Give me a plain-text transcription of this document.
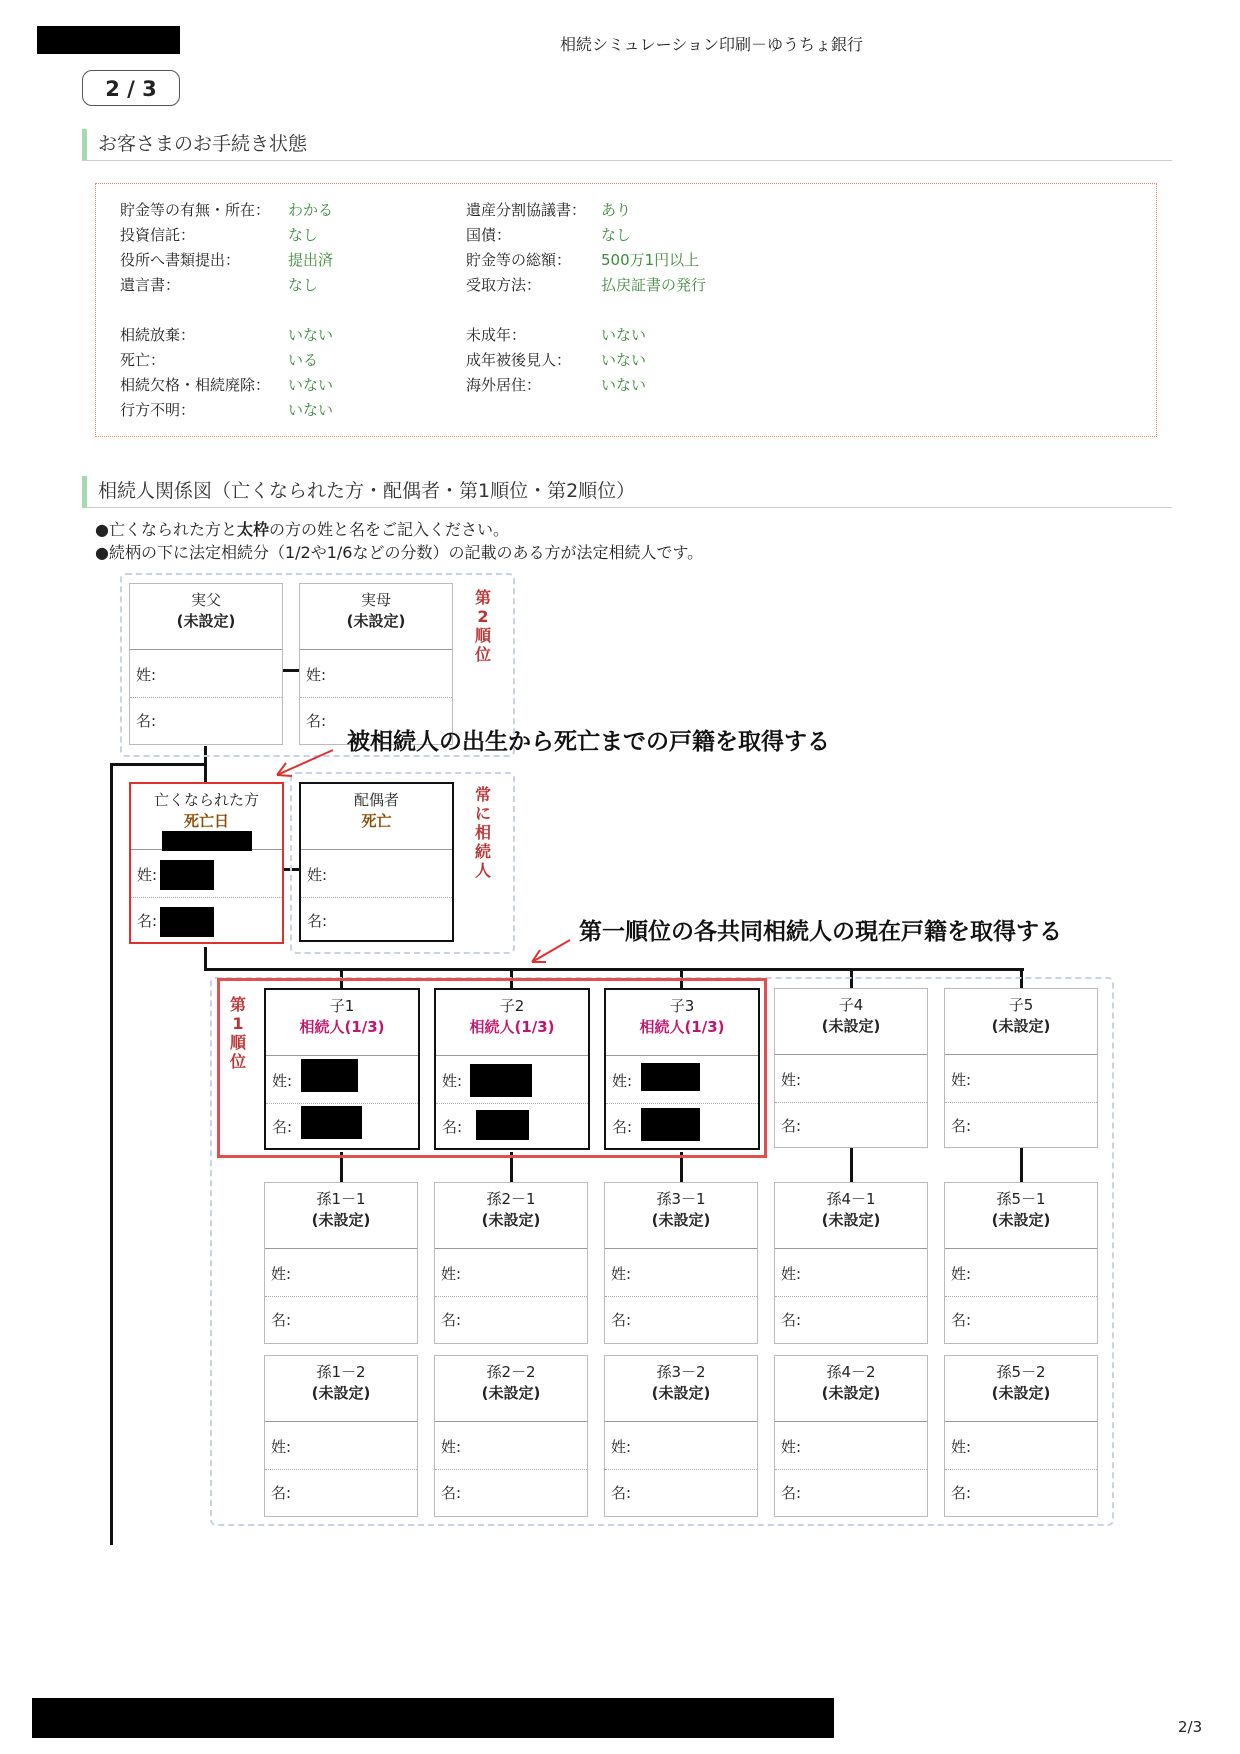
相続シミュレーション印刷－ゆうちょ銀行
2 / 3
お客さまのお手続き状態
貯金等の有無・所在： わかる
投資信託：	なし
役所へ書類提出：	提出済
遺言書：	なし
相続放棄：	いない
死亡：	いる
相続欠格・相続廃除： いない
行方不明：	いない
遺産分割協議書： あり
国債：	なし
貯金等の総額： 500万1円以上
受取方法：	払戻証書の発行
未成年：	いない
成年被後見人： いない
海外居住：	いない
相続人関係図（亡くなられた方・配偶者・第1順位・第2順位）
●亡くなられた方と太枠の方の姓と名をご記入ください。
●続柄の下に法定相続分（1/2や1/6などの分数）の記載のある方が法定相続人です。
第
2
順
位
常
に
相
続
人
第
1
順
位
実父
(未設定)
姓:
名:
実母
(未設定)
姓:
名:
亡くなられた方
死亡日
姓:
名:
配偶者
死亡
姓:
名:
子1
相続人(1/3)
姓:
名:
子2
相続人(1/3)
姓:
名:
子3
相続人(1/3)
姓:
名:
子4
(未設定)
姓:
名:
子5
(未設定)
姓:
名:
孫1－1
(未設定)
姓:
名:
孫2－1
(未設定)
姓:
名:
孫3－1
(未設定)
姓:
名:
孫4－1
(未設定)
姓:
名:
孫5－1
(未設定)
姓:
名:
孫1－2
(未設定)
姓:
名:
孫2－2
(未設定)
姓:
名:
孫3－2
(未設定)
姓:
名:
孫4－2
(未設定)
姓:
名:
孫5－2
(未設定)
姓:
名:
被相続人の出生から死亡までの戸籍を取得する
第一順位の各共同相続人の現在戸籍を取得する
2/3
